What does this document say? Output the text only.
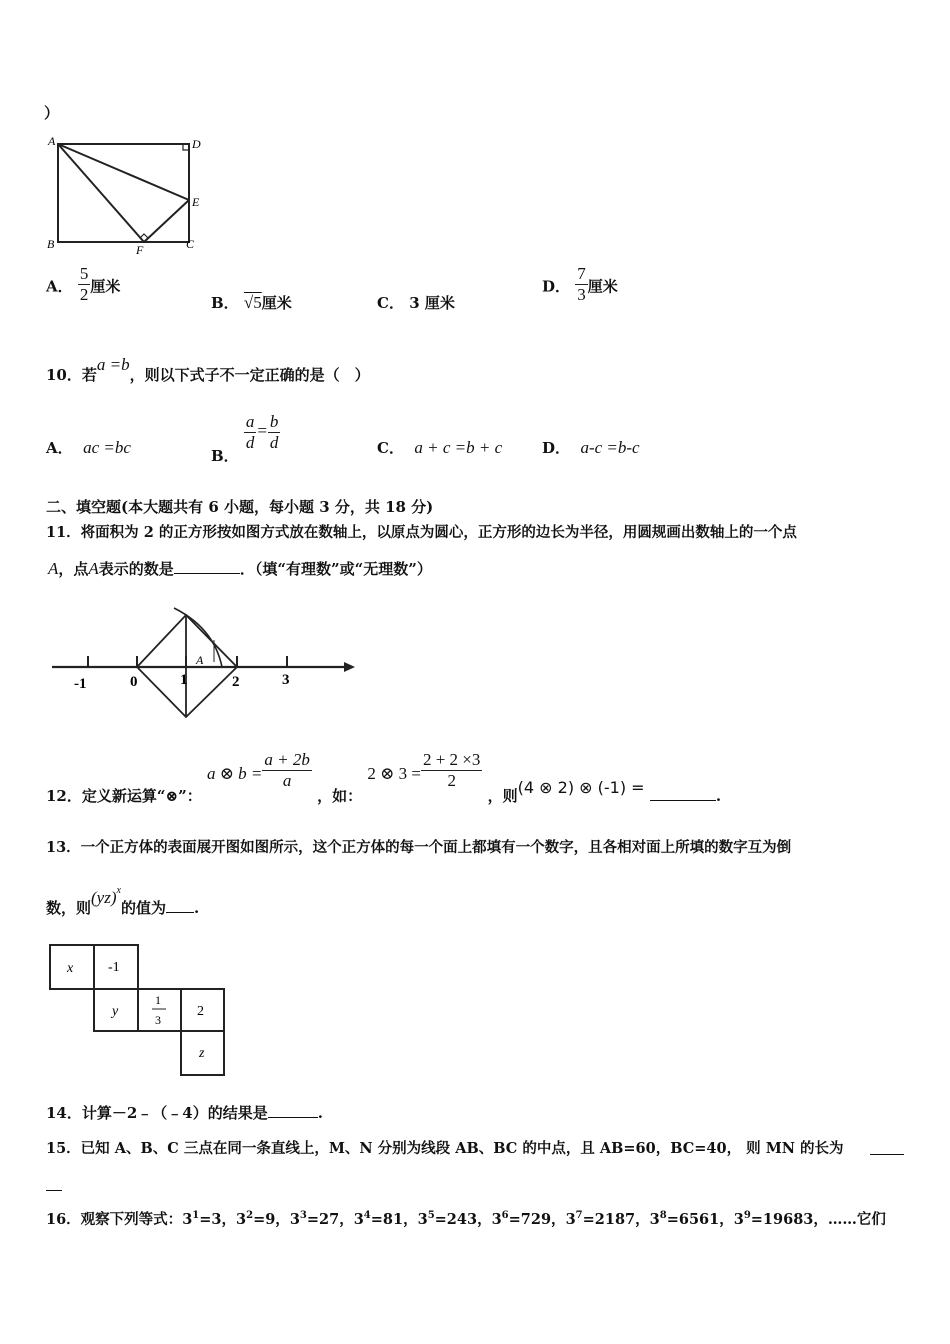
）
A	D
E
B	F	C
A． $\frac{5}{2}$ 厘米
B． √5厘米	C． 3 厘米
D． $\frac{7}{3}$ 厘米
10．若a =b，则以下式子不一定正确的是（　）
A． ac =bc	B．
$\frac{a}{d} = \frac{b}{d}$	C． a + c =b + c	D． a-c =b-c
二、填空题(本大题共有 6 小题，每小题 3 分，共 18 分)
11．将面积为 2 的正方形按如图方式放在数轴上，以原点为圆心，正方形的边长为半径，用圆规画出数轴上的一个点
A，点A表示的数是	．（填“有理数”或“无理数”）
-1	0	1	2	3
A
12．定义新运算“⊗”： a ⊗ $b = \frac{a + 2b}{a}$
，如： 2 ⊗ $3 = \frac{2 + 2 \times 3}{2}$
，则(4 ⊗ 2) ⊗ (-1) =	.
13．一个正方体的表面展开图如图所示，这个正方体的每一个面上都填有一个数字，且各相对面上所填的数字互为倒
数，则(yz)$^x$的值为 .
x -1
y
1
3
2
z
14．计算－2﹣（﹣4）的结果是	.
15．已知 A、B、C 三点在同一条直线上，M、N 分别为线段 AB、BC 的中点，且 AB=60，BC=40， 则 MN 的长为
16．观察下列等式：$3^1=3$，$3^2=9$，$3^3=27$，$3^4=81$，$3^5=243$，$3^6=729$，$3^7=2187$，$3^8=6561$，$3^9=19683$，……它们
